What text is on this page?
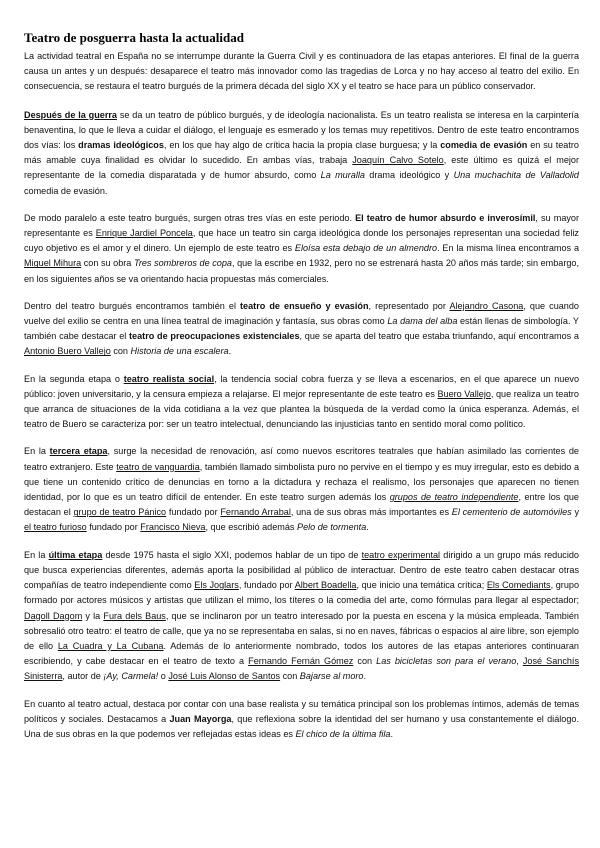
Teatro de posguerra hasta la actualidad

La actividad teatral en España no se interrumpe durante la Guerra Civil y es continuadora de las etapas anteriores. El final de la guerra causa un antes y un después: desaparece el teatro más innovador como las tragedias de Lorca y no hay acceso al teatro del exilio. En consecuencia, se restaura el teatro burgués de la primera década del siglo XX y el teatro se hace para un público conservador.

Después de la guerra se da un teatro de público burgués, y de ideología nacionalista. Es un teatro realista se interesa en la carpintería benaventina, lo que le lleva a cuidar el diálogo, el lenguaje es esmerado y los temas muy repetitivos. Dentro de este teatro encontramos dos vías: los dramas ideológicos, en los que hay algo de crítica hacia la propia clase burguesa; y la comedia de evasión en su teatro más amable cuya finalidad es olvidar lo sucedido. En ambas vías, trabaja Joaquín Calvo Sotelo, este último es quizá el mejor representante de la comedia disparatada y de humor absurdo, como La muralla drama ideológico y Una muchachita de Valladolid comedia de evasión.

De modo paralelo a este teatro burgués, surgen otras tres vías en este periodo. El teatro de humor absurdo e inverosímil, su mayor representante es Enrique Jardiel Poncela, que hace un teatro sin carga ideológica donde los personajes representan una sociedad feliz cuyo objetivo es el amor y el dinero. Un ejemplo de este teatro es Eloísa esta debajo de un almendro. En la misma línea encontramos a Miguel Mihura con su obra Tres sombreros de copa, que la escribe en 1932, pero no se estrenará hasta 20 años más tarde; sin embargo, en los siguientes años se va orientando hacia propuestas más comerciales.

Dentro del teatro burgués encontramos también el teatro de ensueño y evasión, representado por Alejandro Casona, que cuando vuelve del exilio se centra en una línea teatral de imaginación y fantasía, sus obras como La dama del alba están llenas de simbología. Y también cabe destacar el teatro de preocupaciones existenciales, que se aparta del teatro que estaba triunfando, aquí encontramos a Antonio Buero Vallejo con Historia de una escalera.

En la segunda etapa o teatro realista social, la tendencia social cobra fuerza y se lleva a escenarios, en el que aparece un nuevo público: joven universitario, y la censura empieza a relajarse. El mejor representante de este teatro es Buero Vallejo, que realiza un teatro que arranca de situaciones de la vida cotidiana a la vez que plantea la búsqueda de la verdad como la única esperanza. Además, el teatro de Buero se caracteriza por: ser un teatro intelectual, denunciando las injusticias tanto en sentido moral como político.

En la tercera etapa, surge la necesidad de renovación, así como nuevos escritores teatrales que habían asimilado las corrientes de teatro extranjero. Este teatro de vanguardia, también llamado simbolista puro no pervive en el tiempo y es muy irregular, esto es debido a que tiene un contenido crítico de denuncias en torno a la dictadura y rechaza el realismo, los personajes que aparecen no tienen identidad, por lo que es un teatro difícil de entender. En este teatro surgen además los grupos de teatro independiente, entre los que destacan el grupo de teatro Pánico fundado por Fernando Arrabal, una de sus obras más importantes es El cementerio de automóviles y el teatro furioso fundado por Francisco Nieva, que escribió además Pelo de tormenta.

En la última etapa desde 1975 hasta el siglo XXI, podemos hablar de un tipo de teatro experimental dirigido a un grupo más reducido que busca experiencias diferentes, además aporta la posibilidad al público de interactuar. Dentro de este teatro caben destacar otras compañías de teatro independiente como Els Joglars, fundado por Albert Boadella, que inicio una temática crítica; Els Comediants, grupo formado por actores músicos y artistas que utilizan el mimo, los títeres o la comedia del arte, como fórmulas para llegar al espectador; Dagoll Dagom y la Fura dels Baus, que se inclinaron por un teatro interesado por la puesta en escena y la música empleada. También sobresalió otro teatro: el teatro de calle, que ya no se representaba en salas, si no en naves, fábricas o espacios al aire libre, son ejemplo de ello La Cuadra y La Cubana. Además de lo anteriormente nombrado, todos los autores de las etapas anteriores continuaran escribiendo, y cabe destacar en el teatro de texto a Fernando Fernán Gómez con Las bicicletas son para el verano, José Sanchís Sinisterra, autor de ¡Ay, Carmela! o José Luis Alonso de Santos con Bajarse al moro.

En cuanto al teatro actual, destaca por contar con una base realista y su temática principal son los problemas íntimos, además de temas políticos y sociales. Destacamos a Juan Mayorga, que reflexiona sobre la identidad del ser humano y usa constantemente el diálogo. Una de sus obras en la que podemos ver reflejadas estas ideas es El chico de la última fila.
